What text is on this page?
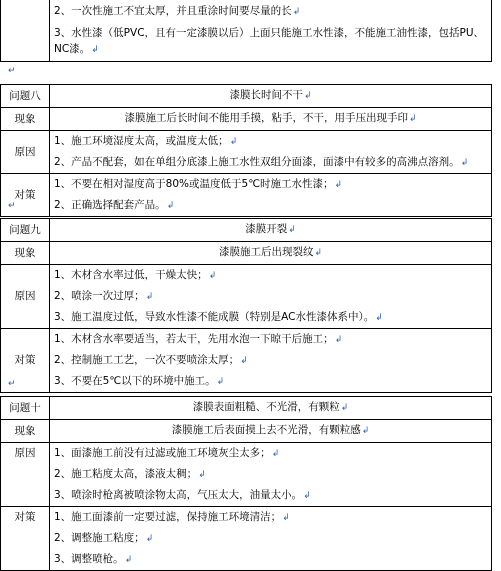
2、一次性施工不宜太厚，并且重涂时间要尽量的长↲
3、水性漆（低PVC，且有一定漆膜以后）上面只能施工水性漆，不能施工油性漆，包括PU、NC漆。↲
↵
问题八	漆膜长时间不干↲
现象	漆膜施工后长时间不能用手摸，粘手，不干，用手压出现手印↲
原因	1、施工环境湿度太高，或温度太低；↲
2、产品不配套，如在单组分底漆上施工水性双组分面漆，面漆中有较多的高沸点溶剂。↲

对策	1、不要在相对湿度高于80%或温度低于5℃时施工水性漆；↲
2、正确选择配套产品。↲
↵
问题九	漆膜开裂↲
现象	漆膜施工后出现裂纹↲
原因	1、木材含水率过低，干燥太快；↲
2、喷涂一次过厚；↲
3、施工温度过低，导致水性漆不能成膜（特别是AC水性漆体系中）。↲

对策	1、木材含水率要适当，若太干，先用水泡一下晾干后施工；↲
2、控制施工工艺，一次不要喷涂太厚；↲
3、不要在5℃以下的环境中施工。↲
↵
问题十	漆膜表面粗糙、不光滑，有颗粒↲
现象	漆膜施工后表面摸上去不光滑，有颗粒感↲
原因	1、面漆施工前没有过滤或施工环境灰尘太多；↲
2、施工粘度太高，漆液太稠；↲
3、喷涂时枪离被喷涂物太高，气压太大，油量太小。↲

对策	1、施工面漆前一定要过滤，保持施工环境清洁；↲
2、调整施工粘度；↲
3、调整喷枪。↲
